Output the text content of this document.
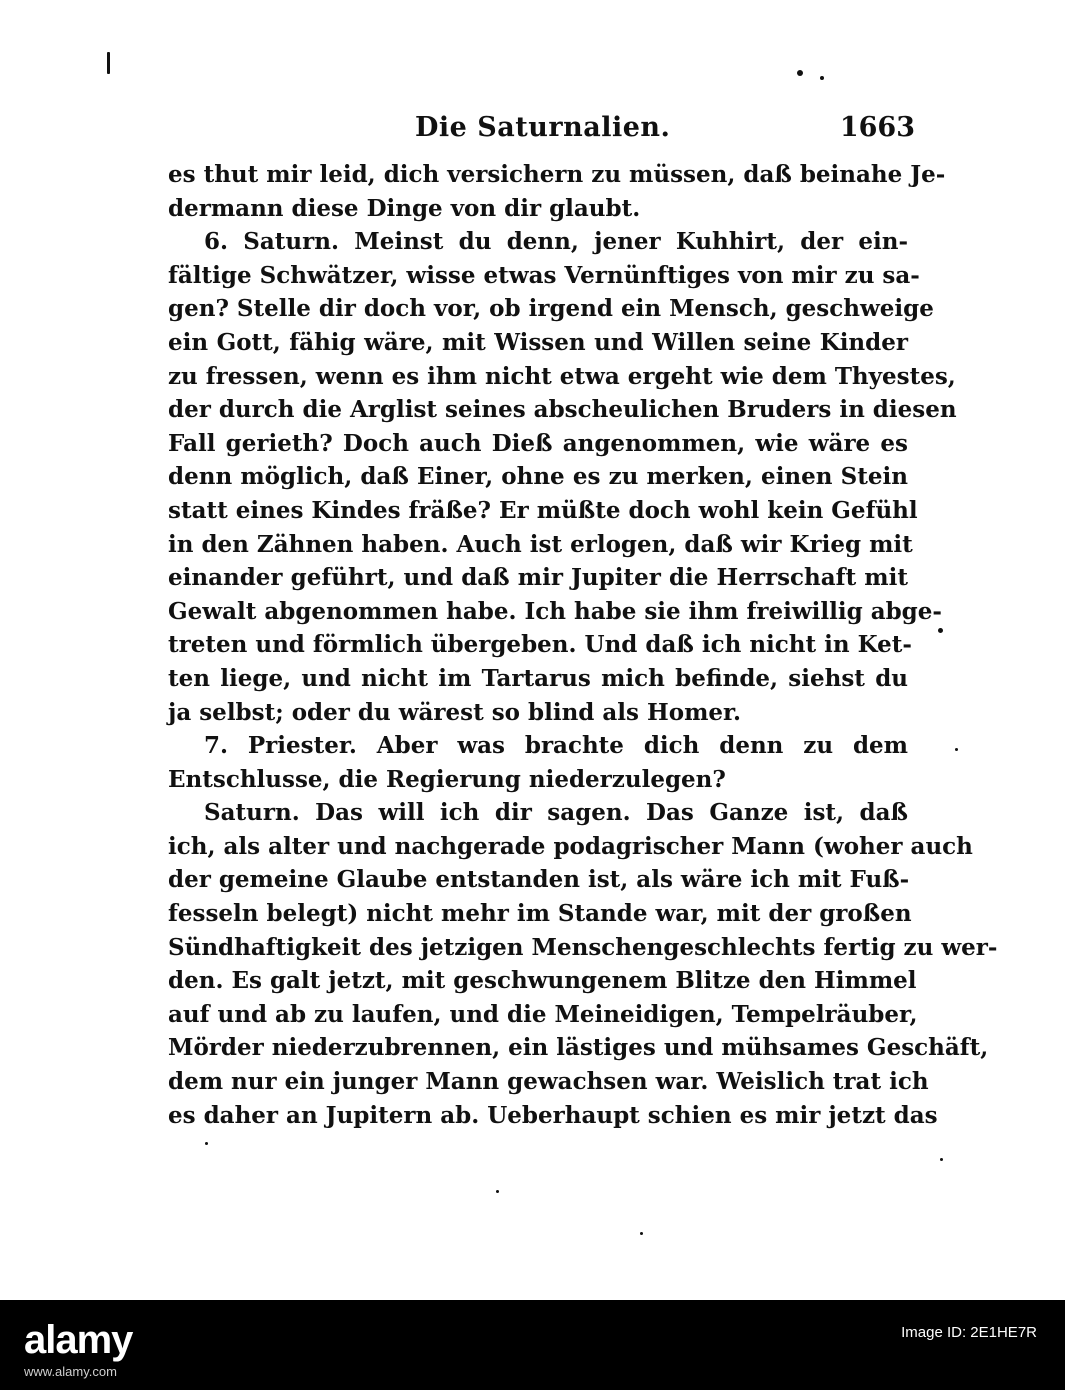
Die Saturnalien.	1663
es thut mir leid, dich versichern zu müssen, daß beinahe Je-
dermann diese Dinge von dir glaubt.
6. Saturn. Meinst du denn, jener Kuhhirt, der ein-
fältige Schwätzer, wisse etwas Vernünftiges von mir zu sa-
gen? Stelle dir doch vor, ob irgend ein Mensch, geschweige
ein Gott, fähig wäre, mit Wissen und Willen seine Kinder
zu fressen, wenn es ihm nicht etwa ergeht wie dem Thyestes,
der durch die Arglist seines abscheulichen Bruders in diesen
Fall gerieth? Doch auch Dieß angenommen, wie wäre es
denn möglich, daß Einer, ohne es zu merken, einen Stein
statt eines Kindes fräße? Er müßte doch wohl kein Gefühl
in den Zähnen haben. Auch ist erlogen, daß wir Krieg mit
einander geführt, und daß mir Jupiter die Herrschaft mit
Gewalt abgenommen habe. Ich habe sie ihm freiwillig abge-
treten und förmlich übergeben. Und daß ich nicht in Ket-
ten liege, und nicht im Tartarus mich befinde, siehst du
ja selbst; oder du wärest so blind als Homer.
7. Priester. Aber was brachte dich denn zu dem
Entschlusse, die Regierung niederzulegen?
Saturn. Das will ich dir sagen. Das Ganze ist, daß
ich, als alter und nachgerade podagrischer Mann (woher auch
der gemeine Glaube entstanden ist, als wäre ich mit Fuß-
fesseln belegt) nicht mehr im Stande war, mit der großen
Sündhaftigkeit des jetzigen Menschengeschlechts fertig zu wer-
den. Es galt jetzt, mit geschwungenem Blitze den Himmel
auf und ab zu laufen, und die Meineidigen, Tempelräuber,
Mörder niederzubrennen, ein lästiges und mühsames Geschäft,
dem nur ein junger Mann gewachsen war. Weislich trat ich
es daher an Jupitern ab. Ueberhaupt schien es mir jetzt das
alamy
www.alamy.com
Image ID: 2E1HE7R
